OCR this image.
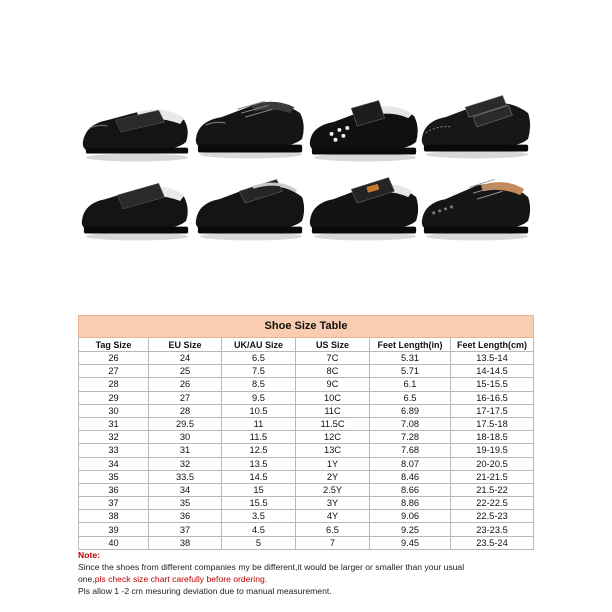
Shoe Size Table					
Tag Size	EU Size	UK/AU Size	US Size	Feet Length(in)	Feet Length(cm)
26	24	6.5	7C	5.31	13.5-14
27	25	7.5	8C	5.71	14-14.5
28	26	8.5	9C	6.1	15-15.5
29	27	9.5	10C	6.5	16-16.5
30	28	10.5	11C	6.89	17-17.5
31	29.5	11	11.5C	7.08	17.5-18
32	30	11.5	12C	7.28	18-18.5
33	31	12.5	13C	7.68	19-19.5
34	32	13.5	1Y	8.07	20-20.5
35	33.5	14.5	2Y	8.46	21-21.5
36	34	15	2.5Y	8.66	21.5-22
37	35	15.5	3Y	8.86	22-22.5
38	36	3.5	4Y	9.06	22.5-23
39	37	4.5	6.5	9.25	23-23.5
40	38	5	7	9.45	23.5-24

Note:

Since the shoes from different companies my be different,it would be larger or smaller than your usual

one,pls check size chart carefully before ordering.

Pls allow 1 -2 cm mesuring deviation due to manual measurement.
